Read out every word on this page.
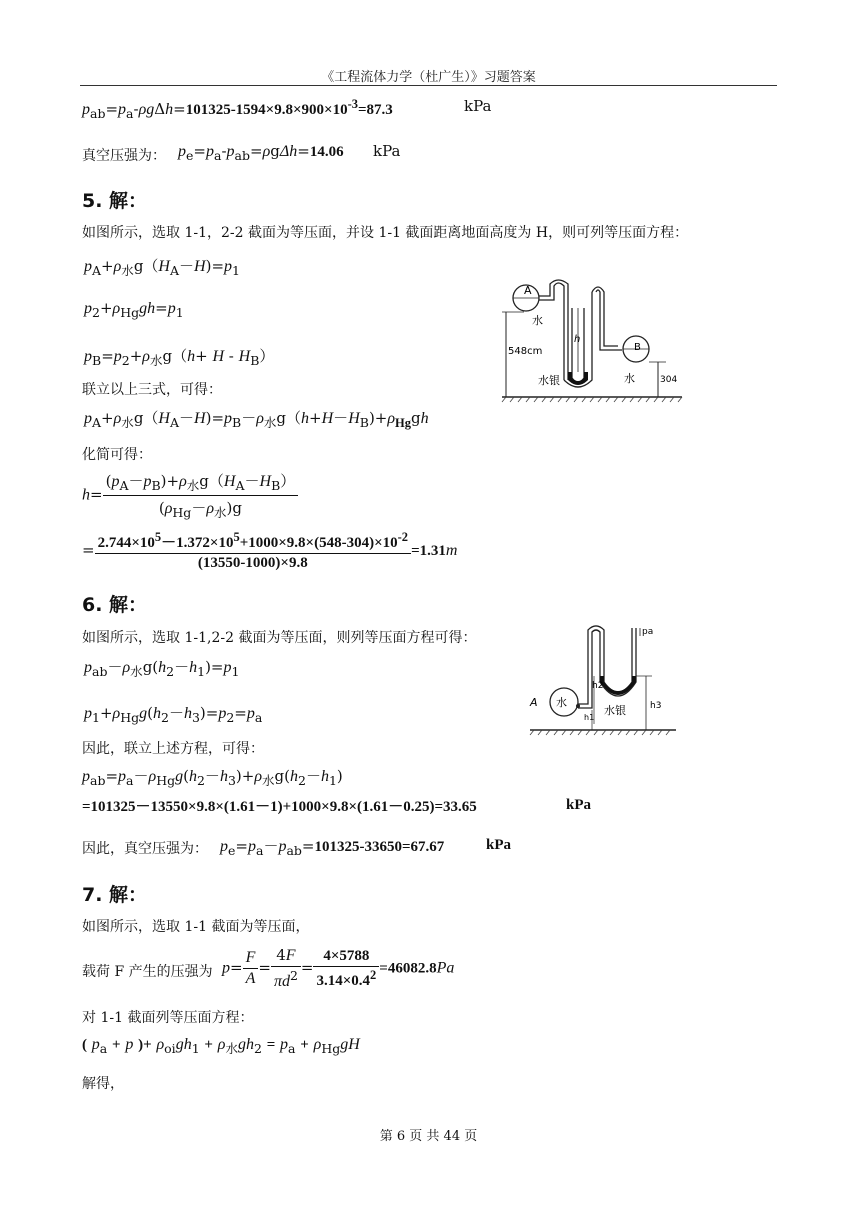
《工程流体力学（杜广生）》习题答案
$p_{ab}=p_a-\rho g\Delta h=101325-1594\times 9.8\times 900\times 10^{-3}=87.3$	kPa
真空压强为： $p_e=p_a-p_{ab}=\rho g\Delta h=14.06$ kPa
5. 解：
如图所示，选取 1-1，2-2 截面为等压面，并设 1-1 截面距离地面高度为 H，则可列等压面方程：
$p_A+\rho_水g(H_A-H)=p_1$
$p_2+\rho_{Hg}gh=p_1$
$p_B=p_2+\rho_水g(h+ H - H_B)$
联立以上三式，可得：
$p_A+\rho_水g(H_A-H)=p_B-\rho_水g(h+H-H_B)+\rho_{Hg}gh$
化简可得：
$h= \frac{(p_A-p_B)+\rho_水g(H_A-H_B)}{(\rho_{Hg}-\rho_水)g}$
= $\frac{2.744\times 10^5-1.372\times 10^5+1000\times 9.8\times(548-304)\times 10^{-2}}{(13550-1000)\times 9.8} =1.31m$
A
水
h
548cm	B
水银	水	304
6. 解：
如图所示，选取 1-1,2-2 截面为等压面，则列等压面方程可得：
$p_{ab}-\rho_水g(h_2-h_1)=p_1$
$p_1+\rho_{Hg}g(h_2-h_3)=p_2=p_a$
因此，联立上述方程，可得：
$p_{ab}=p_a-\rho_{Hg}g(h_2-h_3)+\rho_水g(h_2-h_1)$
=101325－13550×9.8×(1.61－1)+1000×9.8×(1.61－0.25)=33.65	kPa
因此，真空压强为： $p_e=p_a-p_{ab}=101325-33650=67.67$	kPa
pa
h2
A 水
水银
h1
h3
7. 解：
如图所示，选取 1-1 截面为等压面，
载荷 F 产生的压强为 $p= \frac{F}{A} = \frac{4F}{\pi d^2} = \frac{4\times 5788}{3.14\times 0.4^2} =46082.8Pa$
对 1-1 截面列等压面方程：
( $p_a + p$ )+ $\rho_{oi}gh_1 + \rho_水gh_2 = p_a + \rho_{Hg}gH$
解得，
第 6 页 共 44 页
